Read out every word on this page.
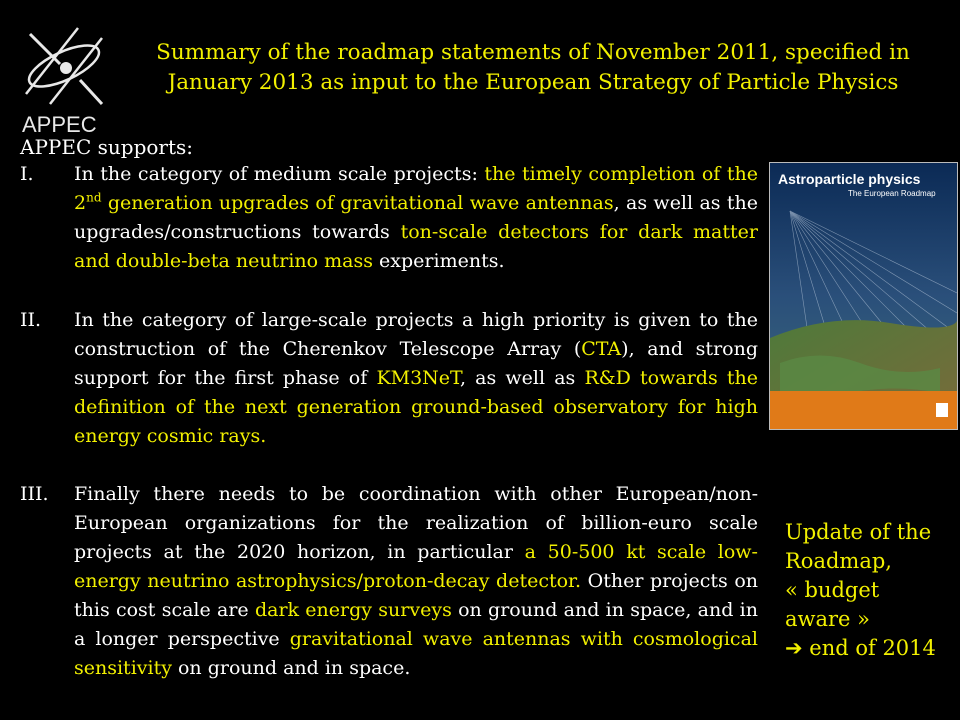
APPEC
Summary of the roadmap statements of November 2011, specified in January 2013 as input to the European Strategy of Particle Physics
APPEC supports:
I.	In the category of medium scale projects: the timely completion of the 2nd generation upgrades of gravitational wave antennas, as well as the upgrades/constructions towards ton-scale detectors for dark matter and double-beta neutrino mass experiments.
II.	In the category of large-scale projects a high priority is given to the construction of the Cherenkov Telescope Array (CTA), and strong support for the first phase of KM3NeT, as well as R&D towards the definition of the next generation ground-based observatory for high energy cosmic rays.
III.	Finally there needs to be coordination with other European/non-European organizations for the realization of billion-euro scale projects at the 2020 horizon, in particular a 50-500 kt scale low-energy neutrino astrophysics/proton-decay detector. Other projects on this cost scale are dark energy surveys on ground and in space, and in a longer perspective gravitational wave antennas with cosmological sensitivity on ground and in space.
Astroparticle physics
The European Roadmap
Update of the
Roadmap,
« budget
aware »
➔ end of 2014
